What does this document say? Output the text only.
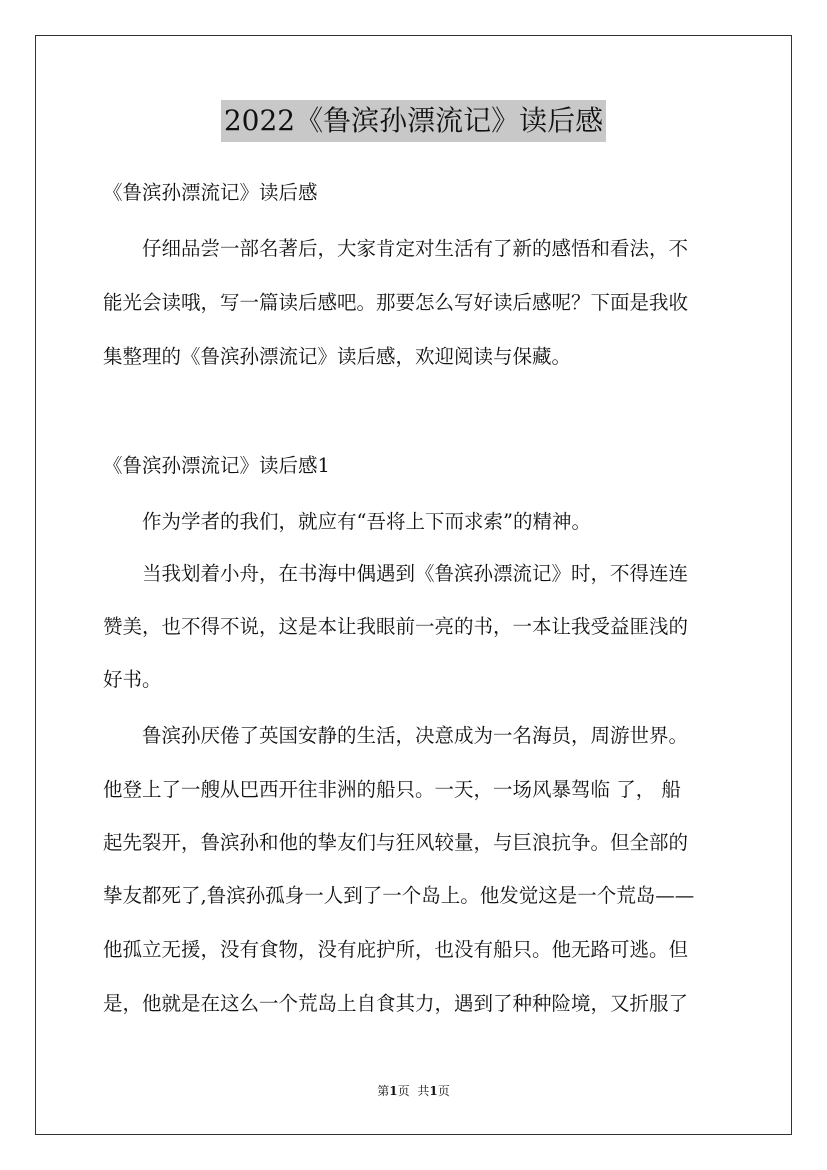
2022《鲁滨孙漂流记》读后感
《鲁滨孙漂流记》读后感
仔细品尝一部名著后，大家肯定对生活有了新的感悟和看法，不
能光会读哦，写一篇读后感吧。那要怎么写好读后感呢？下面是我收
集整理的《鲁滨孙漂流记》读后感，欢迎阅读与保藏。
《鲁滨孙漂流记》读后感1
作为学者的我们，就应有“吾将上下而求索”的精神。
当我划着小舟，在书海中偶遇到《鲁滨孙漂流记》时，不得连连
赞美，也不得不说，这是本让我眼前一亮的书，一本让我受益匪浅的
好书。
鲁滨孙厌倦了英国安静的生活，决意成为一名海员，周游世界。
他登上了一艘从巴西开往非洲的船只。一天，一场风暴驾临 了， 船
起先裂开，鲁滨孙和他的挚友们与狂风较量，与巨浪抗争。但全部的
挚友都死了,鲁滨孙孤身一人到了一个岛上。他发觉这是一个荒岛——
他孤立无援，没有食物，没有庇护所，也没有船只。他无路可逃。但
是，他就是在这么一个荒岛上自食其力，遇到了种种险境，又折服了
第1页 共1页
